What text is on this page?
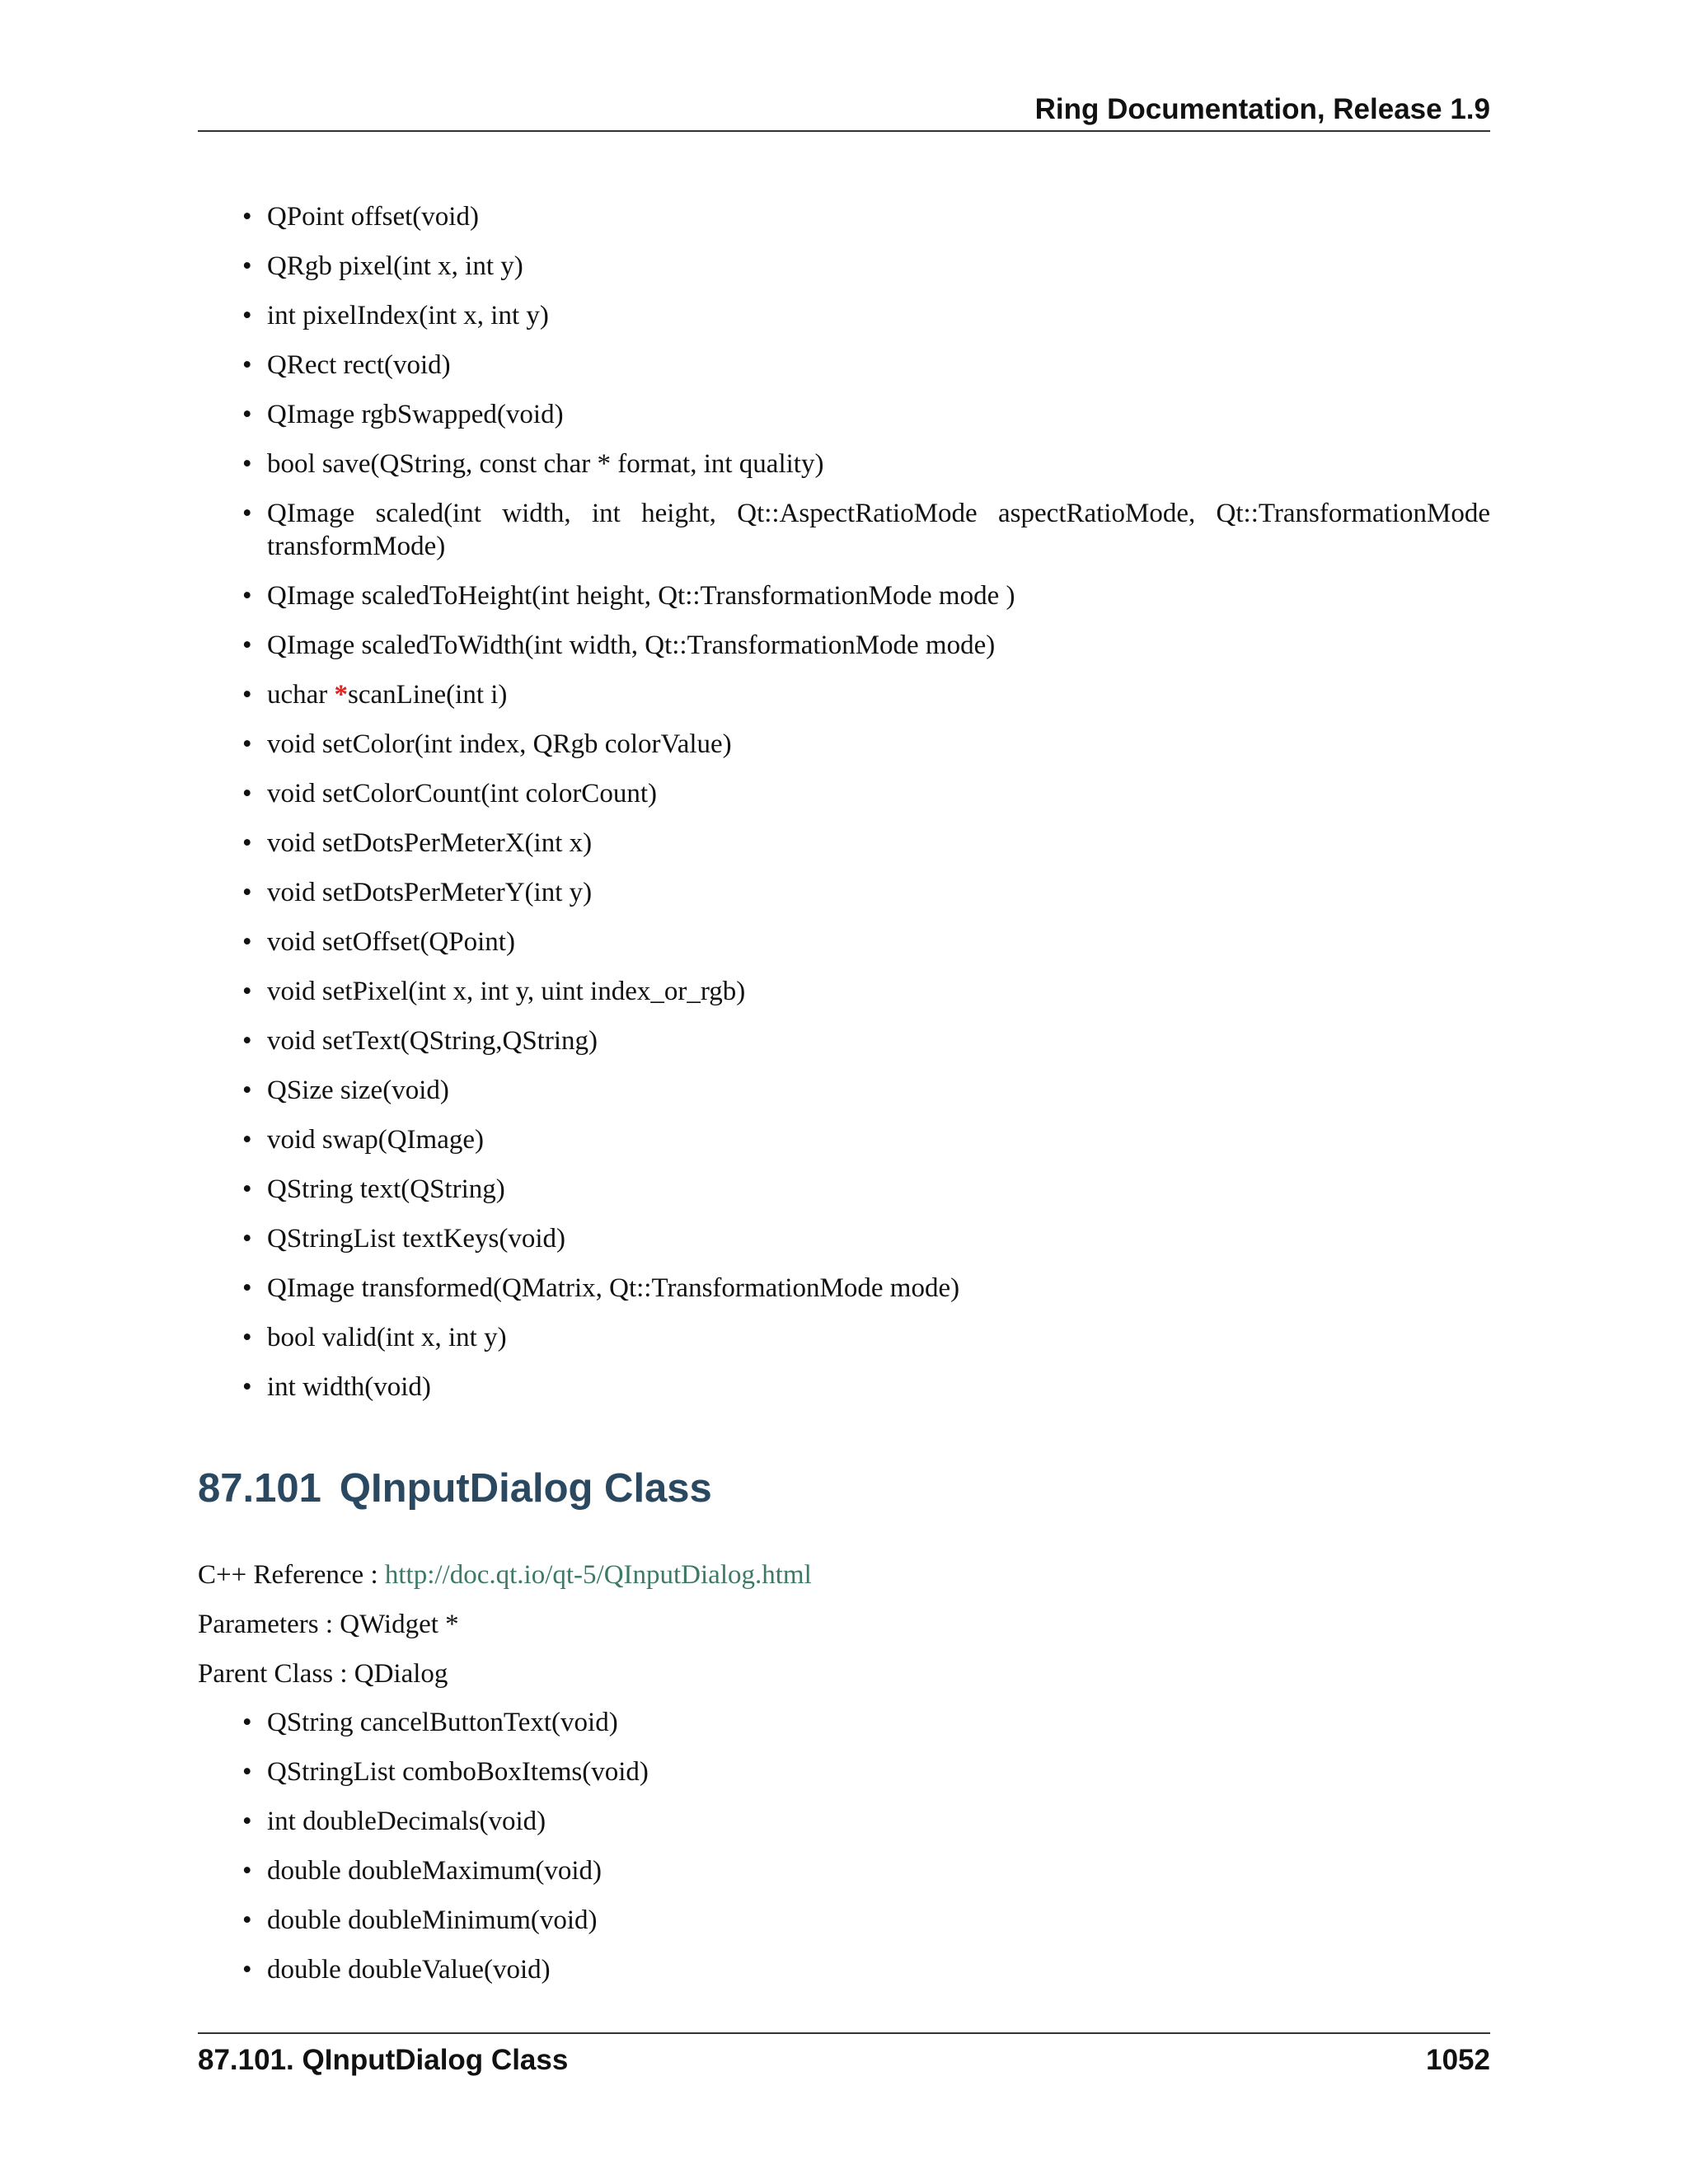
Ring Documentation, Release 1.9
• QPoint offset(void)
• QRgb pixel(int x, int y)
• int pixelIndex(int x, int y)
• QRect rect(void)
• QImage rgbSwapped(void)
• bool save(QString, const char * format, int quality)
• QImage scaled(int width, int height, Qt::AspectRatioMode aspectRatioMode, Qt::TransformationMode transformMode)
• QImage scaledToHeight(int height, Qt::TransformationMode mode )
• QImage scaledToWidth(int width, Qt::TransformationMode mode)
• uchar *scanLine(int i)
• void setColor(int index, QRgb colorValue)
• void setColorCount(int colorCount)
• void setDotsPerMeterX(int x)
• void setDotsPerMeterY(int y)
• void setOffset(QPoint)
• void setPixel(int x, int y, uint index_or_rgb)
• void setText(QString,QString)
• QSize size(void)
• void swap(QImage)
• QString text(QString)
• QStringList textKeys(void)
• QImage transformed(QMatrix, Qt::TransformationMode mode)
• bool valid(int x, int y)
• int width(void)
87.101 QInputDialog Class

C++ Reference : http://doc.qt.io/qt-5/QInputDialog.html

Parameters : QWidget *

Parent Class : QDialog

• QString cancelButtonText(void)
• QStringList comboBoxItems(void)
• int doubleDecimals(void)
• double doubleMaximum(void)
• double doubleMinimum(void)
• double doubleValue(void)
87.101. QInputDialog Class	1052
